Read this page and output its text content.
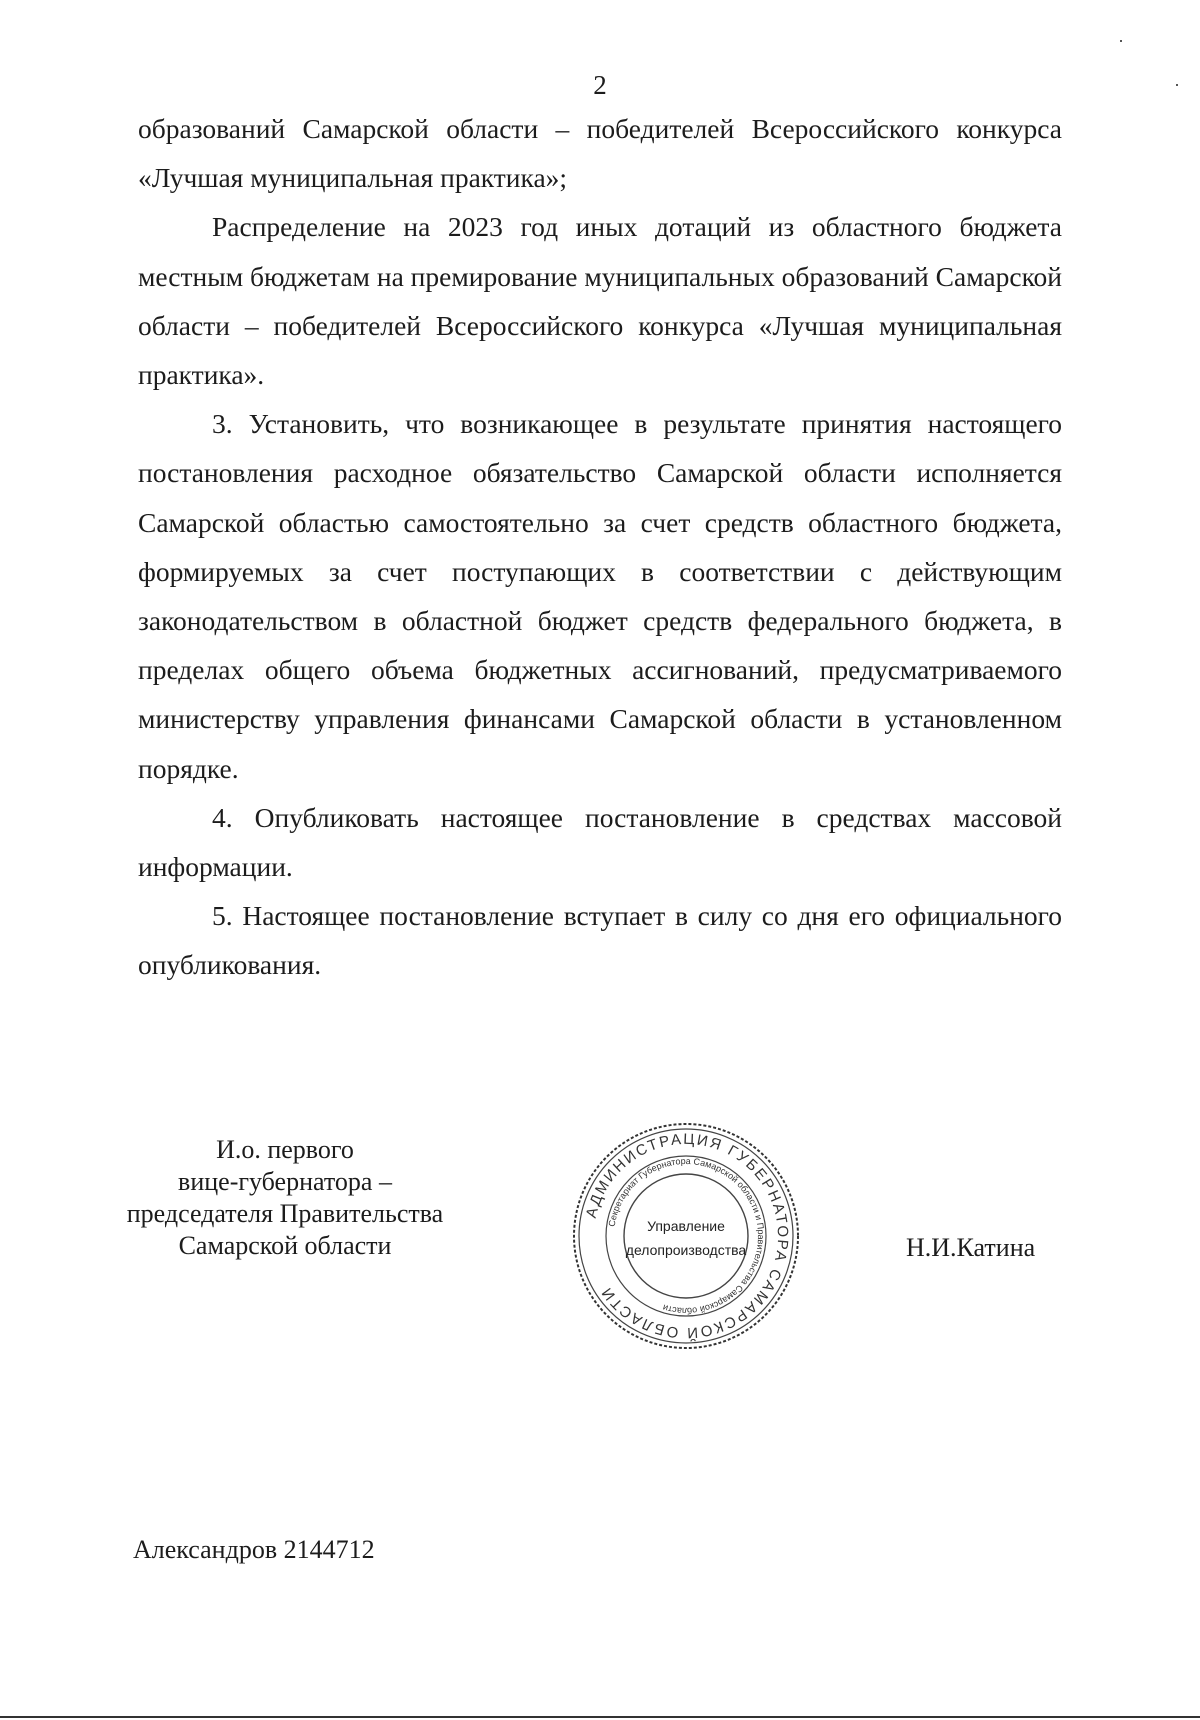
2

образований Самарской области – победителей Всероссийского конкурса «Лучшая муниципальная практика»;

Распределение на 2023 год иных дотаций из областного бюджета местным бюджетам на премирование муниципальных образований Самарской области – победителей Всероссийского конкурса «Лучшая муниципальная практика».

3. Установить, что возникающее в результате принятия настоящего постановления расходное обязательство Самарской области исполняется Самарской областью самостоятельно за счет средств областного бюджета, формируемых за счет поступающих в соответствии с действующим законодательством в областной бюджет средств федерального бюджета, в пределах общего объема бюджетных ассигнований, предусматриваемого министерству управления финансами Самарской области в установленном порядке.

4. Опубликовать настоящее постановление в средствах массовой информации.

5. Настоящее постановление вступает в силу со дня его официального опубликования.

И.о. первого
вице-губернатора –
председателя Правительства
Самарской области
АДМИНИСТРАЦИЯ ГУБЕРНАТОРА САМАРСКОЙ ОБЛАСТИ
Секретариат Губернатора Самарской области и Правительства Самарской области
Управление
делопроизводства	Н.И.Катина
Александров 2144712
